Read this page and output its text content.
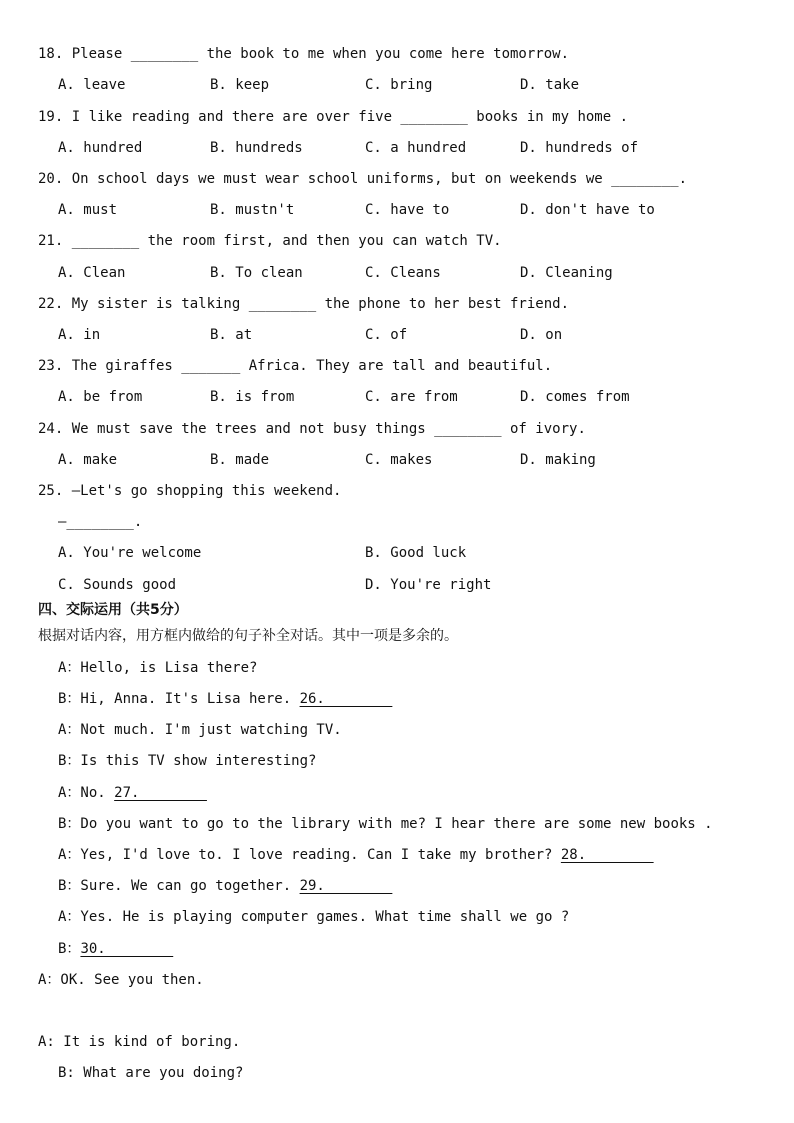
18. Please ________ the book to me when you come here tomorrow.
A. leave	B. keep	C. bring	D. take
19. I like reading and there are over five ________ books in my home .
A. hundred	B. hundreds	C. a hundred	D. hundreds of
20. On school days we must wear school uniforms, but on weekends we ________.
A. must	B. mustn't	C. have to	D. don't have to
21. ________ the room first, and then you can watch TV.
A. Clean	B. To clean	C. Cleans	D. Cleaning
22. My sister is talking ________ the phone to her best friend.
A. in	B. at	C. of	D. on
23. The giraffes _______ Africa. They are tall and beautiful.
A. be from	B. is from	C. are from	D. comes from
24. We must save the trees and not busy things ________ of ivory.
A. make	B. made	C. makes	D. making
25. —Let's go shopping this weekend.
—________.
A. You're welcome	B. Good luck
C. Sounds good	D. You're right
四、交际运用（共5分）
根据对话内容，用方框内做给的句子补全对话。其中一项是多余的。
A：Hello, is Lisa there?
B：Hi, Anna. It's Lisa here. 26.________
A：Not much. I'm just watching TV.
B：Is this TV show interesting?
A：No. 27.________
B：Do you want to go to the library with me? I hear there are some new books .
A：Yes, I'd love to. I love reading. Can I take my brother? 28.________
B：Sure. We can go together. 29.________
A：Yes. He is playing computer games. What time shall we go ?
B：30.________
A：OK. See you then.
A: It is kind of boring.
B: What are you doing?
